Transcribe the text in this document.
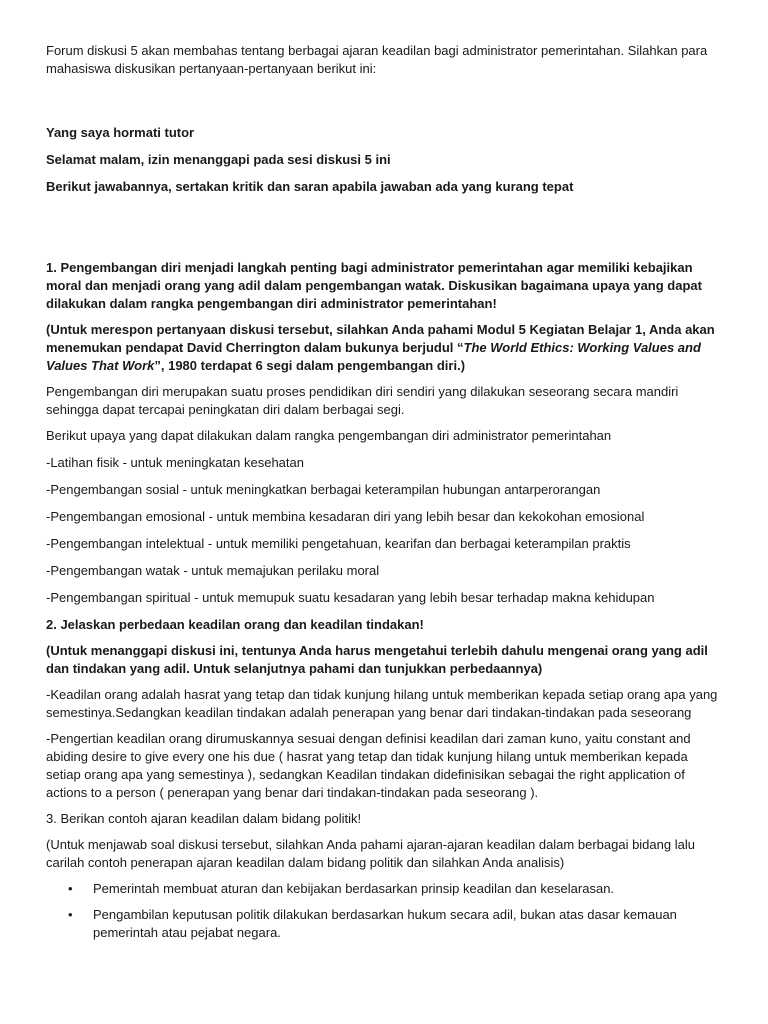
Forum diskusi 5 akan membahas tentang berbagai ajaran keadilan bagi administrator pemerintahan. Silahkan para mahasiswa diskusikan pertanyaan-pertanyaan berikut ini:

Yang saya hormati tutor

Selamat malam, izin menanggapi pada sesi diskusi 5 ini

Berikut jawabannya, sertakan kritik dan saran apabila jawaban ada yang kurang tepat

1. Pengembangan diri menjadi langkah penting bagi administrator pemerintahan agar memiliki kebajikan moral dan menjadi orang yang adil dalam pengembangan watak. Diskusikan bagaimana upaya yang dapat dilakukan dalam rangka pengembangan diri administrator pemerintahan!

(Untuk merespon pertanyaan diskusi tersebut, silahkan Anda pahami Modul 5 Kegiatan Belajar 1, Anda akan menemukan pendapat David Cherrington dalam bukunya berjudul “The World Ethics: Working Values and Values That Work”, 1980 terdapat 6 segi dalam pengembangan diri.)

Pengembangan diri merupakan suatu proses pendidikan diri sendiri yang dilakukan seseorang secara mandiri sehingga dapat tercapai peningkatan diri dalam berbagai segi.

Berikut upaya yang dapat dilakukan dalam rangka pengembangan diri administrator pemerintahan

-Latihan fisik - untuk meningkatan kesehatan

-Pengembangan sosial - untuk meningkatkan berbagai keterampilan hubungan antarperorangan

-Pengembangan emosional - untuk membina kesadaran diri yang lebih besar dan kekokohan emosional

-Pengembangan intelektual - untuk memiliki pengetahuan, kearifan dan berbagai keterampilan praktis

-Pengembangan watak - untuk memajukan perilaku moral

-Pengembangan spiritual - untuk memupuk suatu kesadaran yang lebih besar terhadap makna kehidupan

2. Jelaskan perbedaan keadilan orang dan keadilan tindakan!

(Untuk menanggapi diskusi ini, tentunya Anda harus mengetahui terlebih dahulu mengenai orang yang adil dan tindakan yang adil. Untuk selanjutnya pahami dan tunjukkan perbedaannya)

-Keadilan orang adalah hasrat yang tetap dan tidak kunjung hilang untuk memberikan kepada setiap orang apa yang semestinya.Sedangkan keadilan tindakan adalah penerapan yang benar dari tindakan-tindakan pada seseorang

-Pengertian keadilan orang dirumuskannya sesuai dengan definisi keadilan dari zaman kuno, yaitu constant and abiding desire to give every one his due ( hasrat yang tetap dan tidak kunjung hilang untuk memberikan kepada setiap orang apa yang semestinya ), sedangkan Keadilan tindakan didefinisikan sebagai the right application of actions to a person ( penerapan yang benar dari tindakan-tindakan pada seseorang ).

3. Berikan contoh ajaran keadilan dalam bidang politik!

(Untuk menjawab soal diskusi tersebut, silahkan Anda pahami ajaran-ajaran keadilan dalam berbagai bidang lalu carilah contoh penerapan ajaran keadilan dalam bidang politik dan silahkan Anda analisis)

• Pemerintah membuat aturan dan kebijakan berdasarkan prinsip keadilan dan keselarasan.
• Pengambilan keputusan politik dilakukan berdasarkan hukum secara adil, bukan atas dasar kemauan pemerintah atau pejabat negara.
